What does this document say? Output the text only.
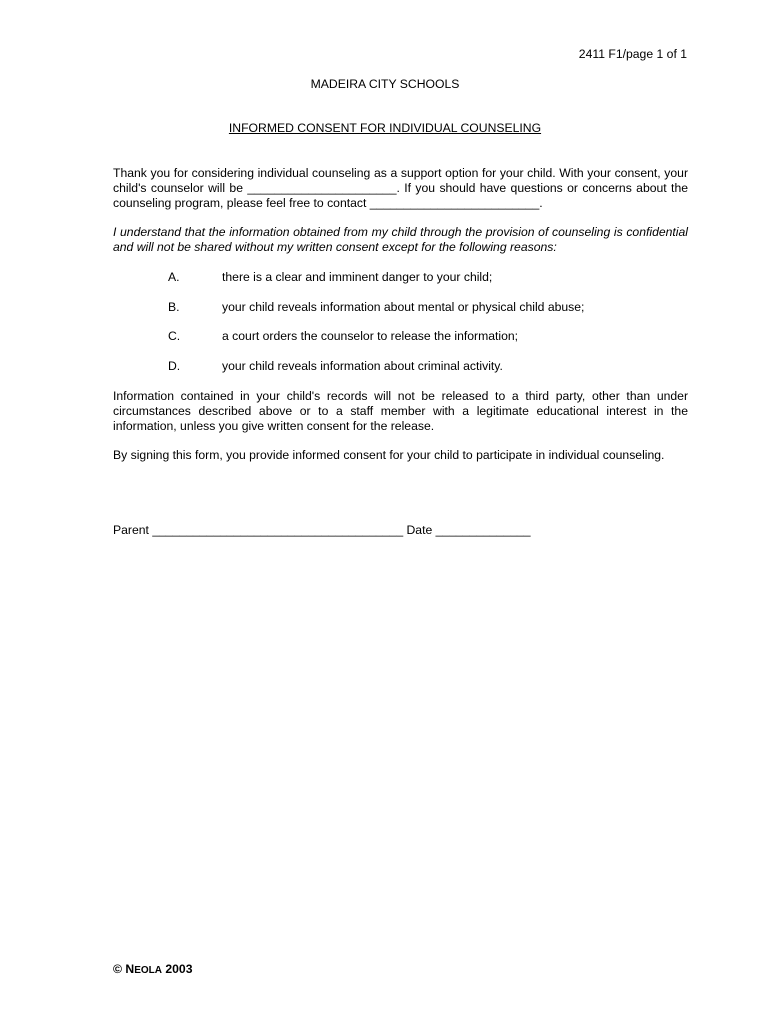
2411 F1/page 1 of 1
MADEIRA CITY SCHOOLS
INFORMED CONSENT FOR INDIVIDUAL COUNSELING
Thank you for considering individual counseling as a support option for your child. With your consent, your child's counselor will be ______________________. If you should have questions or concerns about the counseling program, please feel free to contact _________________________.
I understand that the information obtained from my child through the provision of counseling is confidential and will not be shared without my written consent except for the following reasons:
A.	there is a clear and imminent danger to your child;
B.	your child reveals information about mental or physical child abuse;
C.	a court orders the counselor to release the information;
D.	your child reveals information about criminal activity.
Information contained in your child's records will not be released to a third party, other than under circumstances described above or to a staff member with a legitimate educational interest in the information, unless you give written consent for the release.
By signing this form, you provide informed consent for your child to participate in individual counseling.
Parent _____________________________________ Date ______________
© NEOLA 2003
